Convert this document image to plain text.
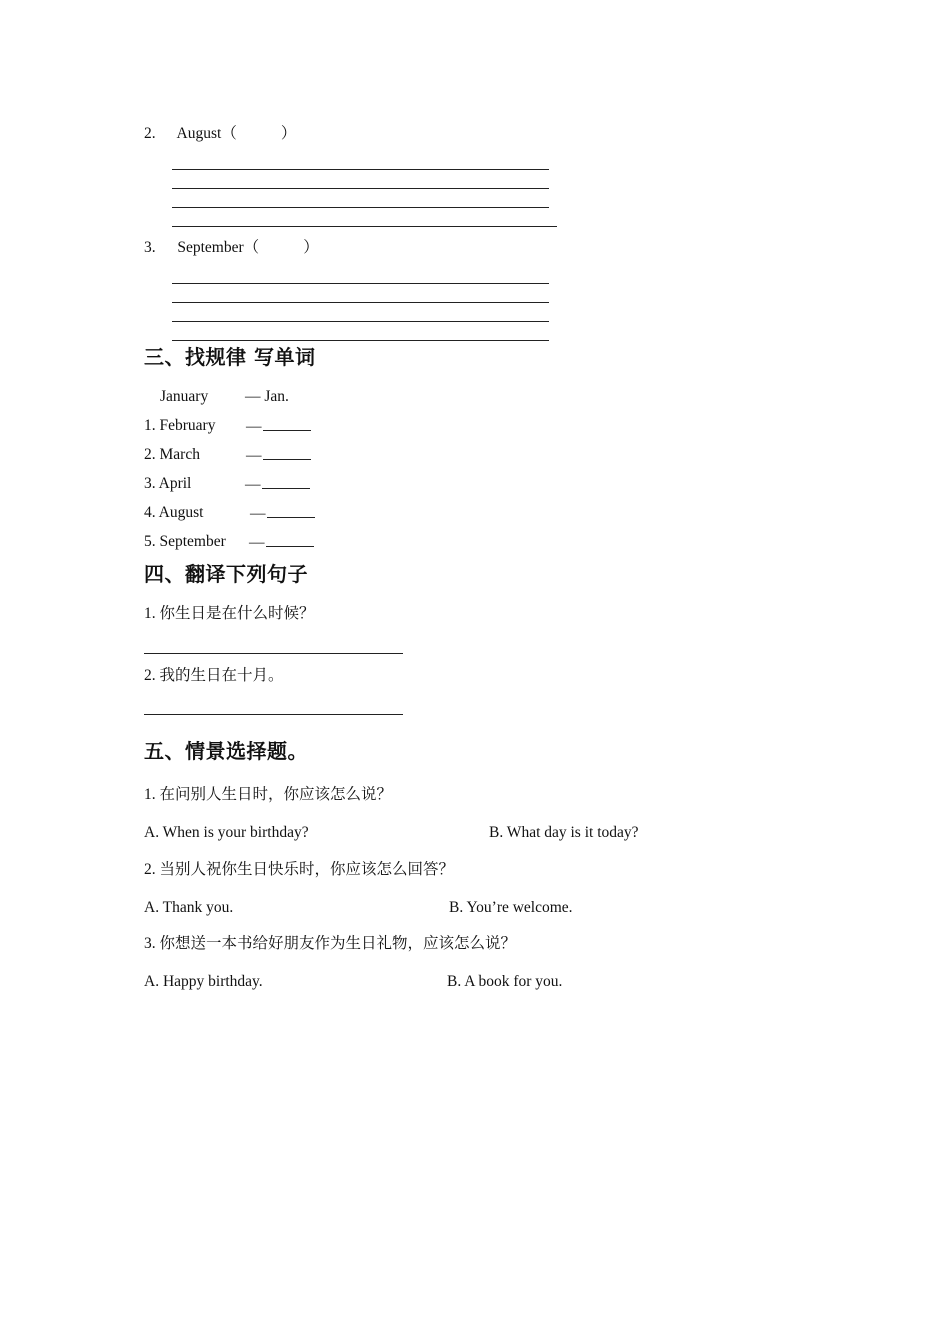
2. August（	）
3. September（	）
三、找规律 写单词
January — Jan.
1. February —
2. March	—
3. April	—
4. August	—
5. September —
四、翻译下列句子
1. 你生日是在什么时候？
2. 我的生日在十月。
五、情景选择题。
1. 在问别人生日时，你应该怎么说？
A. When is your birthday?	B. What day is it today?
2. 当别人祝你生日快乐时，你应该怎么回答？
A. Thank you.	B. You’re welcome.
3. 你想送一本书给好朋友作为生日礼物，应该怎么说？
A. Happy birthday.	B. A book for you.
